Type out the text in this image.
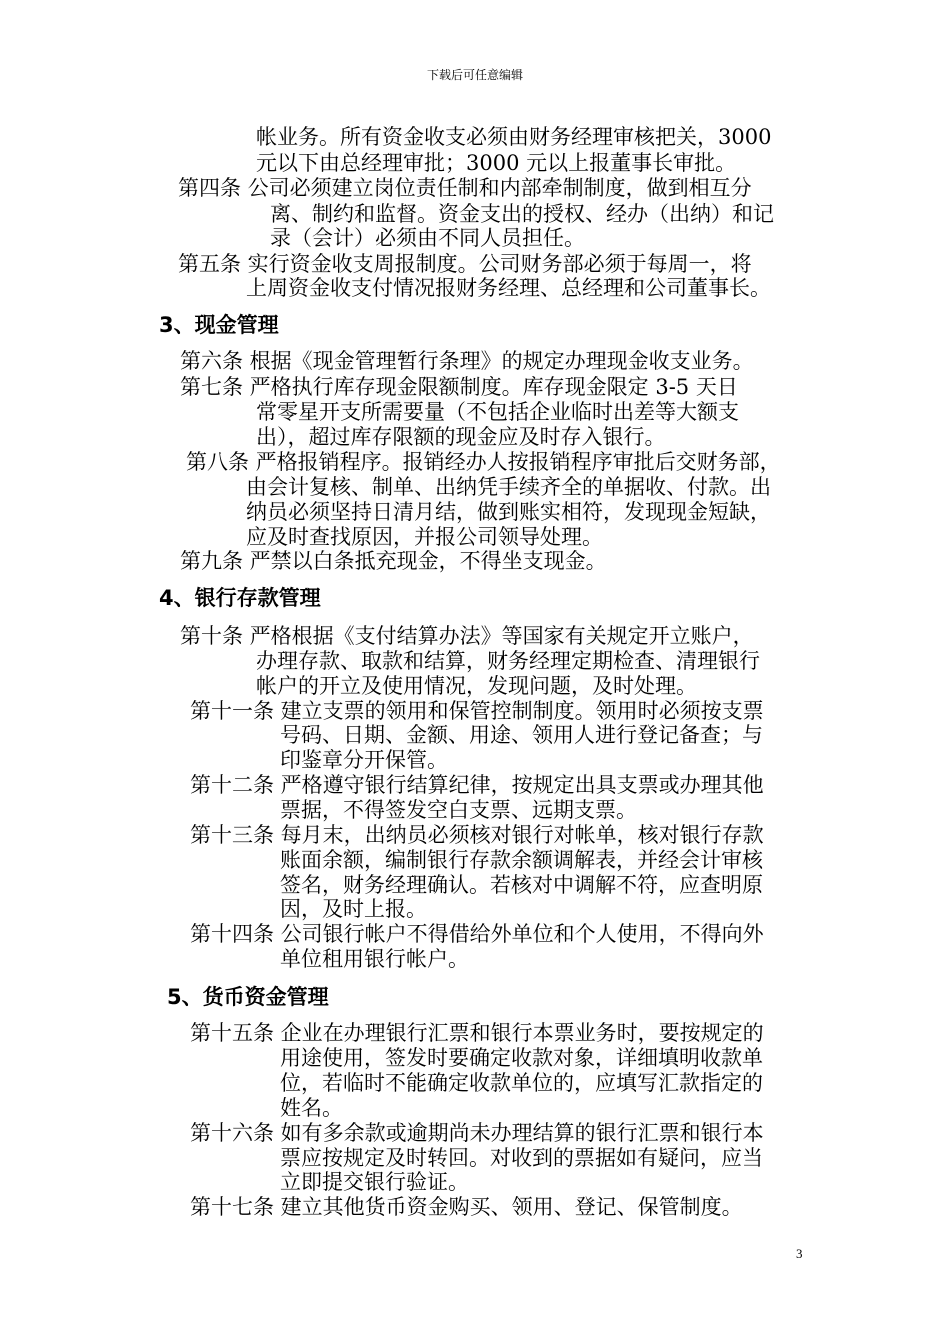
下载后可任意编辑
帐业务。所有资金收支必须由财务经理审核把关，3000
元以下由总经理审批；3000 元以上报董事长审批。
第四条 公司必须建立岗位责任制和内部牵制制度，做到相互分
离、制约和监督。资金支出的授权、经办（出纳）和记
录（会计）必须由不同人员担任。
第五条 实行资金收支周报制度。公司财务部必须于每周一，将
上周资金收支付情况报财务经理、总经理和公司董事长。
3、现金管理
第六条 根据《现金管理暂行条理》的规定办理现金收支业务。
第七条 严格执行库存现金限额制度。库存现金限定 3-5 天日
常零星开支所需要量（不包括企业临时出差等大额支
出），超过库存限额的现金应及时存入银行。
第八条 严格报销程序。报销经办人按报销程序审批后交财务部，
由会计复核、制单、出纳凭手续齐全的单据收、付款。出
纳员必须坚持日清月结，做到账实相符，发现现金短缺，
应及时查找原因，并报公司领导处理。
第九条 严禁以白条抵充现金，不得坐支现金。
4、银行存款管理
第十条 严格根据《支付结算办法》等国家有关规定开立账户，
办理存款、取款和结算，财务经理定期检查、清理银行
帐户的开立及使用情况，发现问题，及时处理。
第十一条 建立支票的领用和保管控制制度。领用时必须按支票
号码、日期、金额、用途、领用人进行登记备查；与
印鉴章分开保管。
第十二条 严格遵守银行结算纪律，按规定出具支票或办理其他
票据，不得签发空白支票、远期支票。
第十三条 每月末，出纳员必须核对银行对帐单，核对银行存款
账面余额，编制银行存款余额调解表，并经会计审核
签名，财务经理确认。若核对中调解不符，应查明原
因，及时上报。
第十四条 公司银行帐户不得借给外单位和个人使用，不得向外
单位租用银行帐户。
5、货币资金管理
第十五条 企业在办理银行汇票和银行本票业务时，要按规定的
用途使用，签发时要确定收款对象，详细填明收款单
位，若临时不能确定收款单位的，应填写汇款指定的
姓名。
第十六条 如有多余款或逾期尚未办理结算的银行汇票和银行本
票应按规定及时转回。对收到的票据如有疑问，应当
立即提交银行验证。
第十七条 建立其他货币资金购买、领用、登记、保管制度。
3
